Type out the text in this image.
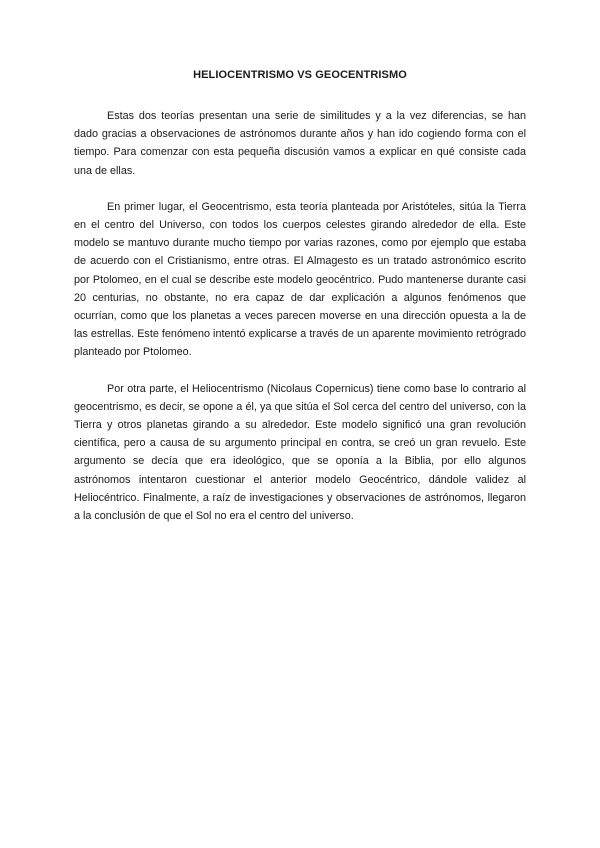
HELIOCENTRISMO VS GEOCENTRISMO

Estas dos teorías presentan una serie de similitudes y a la vez diferencias, se han dado gracias a observaciones de astrónomos durante años y han ido cogiendo forma con el tiempo. Para comenzar con esta pequeña discusión vamos a explicar en qué consiste cada una de ellas.

En primer lugar, el Geocentrismo, esta teoría planteada por Aristóteles, sitúa la Tierra en el centro del Universo, con todos los cuerpos celestes girando alrededor de ella. Este modelo se mantuvo durante mucho tiempo por varias razones, como por ejemplo que estaba de acuerdo con el Cristianismo, entre otras. El Almagesto es un tratado astronómico escrito por Ptolomeo, en el cual se describe este modelo geocéntrico. Pudo mantenerse durante casi 20 centurias, no obstante, no era capaz de dar explicación a algunos fenómenos que ocurrían, como que los planetas a veces parecen moverse en una dirección opuesta a la de las estrellas. Este fenómeno intentó explicarse a través de un aparente movimiento retrógrado planteado por Ptolomeo.

Por otra parte, el Heliocentrismo (Nicolaus Copernicus) tiene como base lo contrario al geocentrismo, es decir, se opone a él, ya que sitúa el Sol cerca del centro del universo, con la Tierra y otros planetas girando a su alrededor. Este modelo significó una gran revolución científica, pero a causa de su argumento principal en contra, se creó un gran revuelo. Este argumento se decía que era ideológico, que se oponía a la Biblia, por ello algunos astrónomos intentaron cuestionar el anterior modelo Geocéntrico, dándole validez al Heliocéntrico. Finalmente, a raíz de investigaciones y observaciones de astrónomos, llegaron a la conclusión de que el Sol no era el centro del universo.
